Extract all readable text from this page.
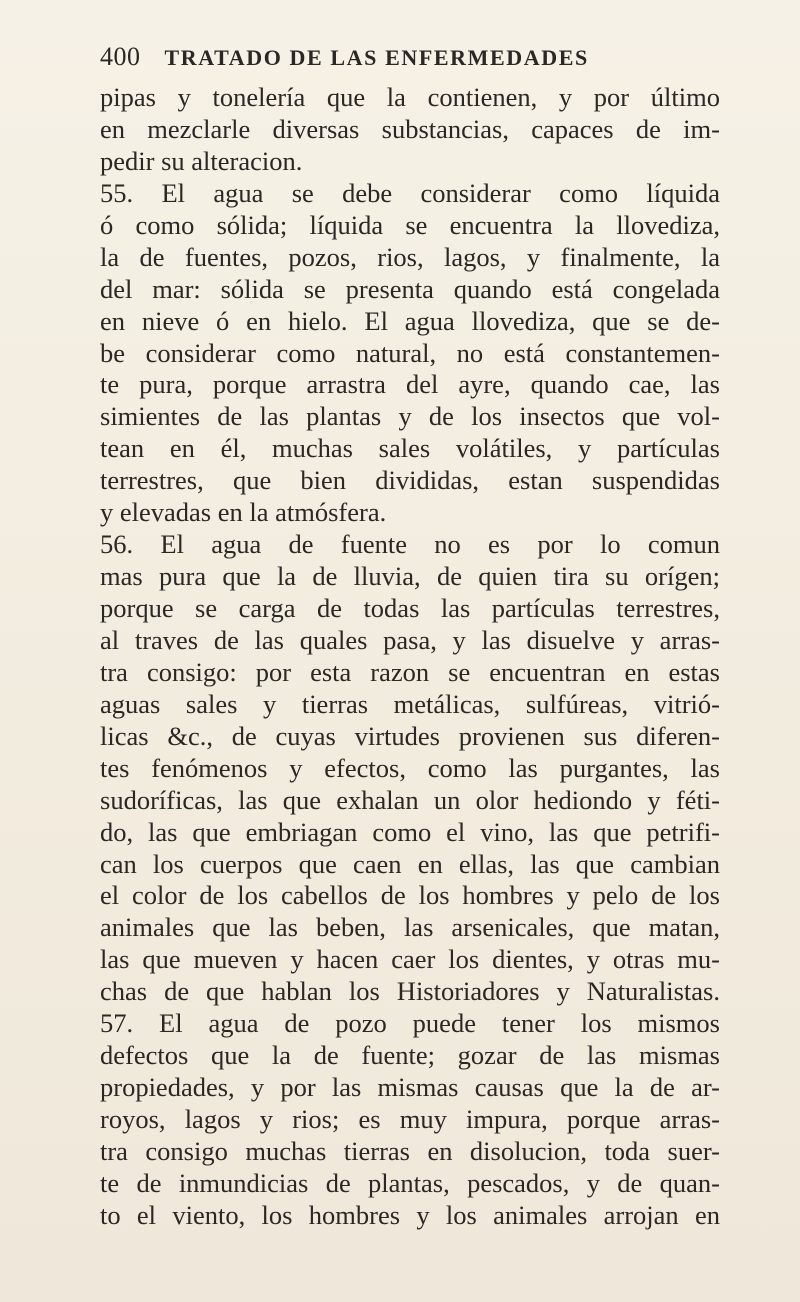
400 TRATADO DE LAS ENFERMEDADES
pipas y tonelería que la contienen, y por último
en mezclarle diversas substancias, capaces de im-
pedir su alteracion.
55. El agua se debe considerar como líquida
ó como sólida; líquida se encuentra la llovediza,
la de fuentes, pozos, rios, lagos, y finalmente, la
del mar: sólida se presenta quando está congelada
en nieve ó en hielo. El agua llovediza, que se de-
be considerar como natural, no está constantemen-
te pura, porque arrastra del ayre, quando cae, las
simientes de las plantas y de los insectos que vol-
tean en él, muchas sales volátiles, y partículas
terrestres, que bien divididas, estan suspendidas
y elevadas en la atmósfera.
56. El agua de fuente no es por lo comun
mas pura que la de lluvia, de quien tira su orígen;
porque se carga de todas las partículas terrestres,
al traves de las quales pasa, y las disuelve y arras-
tra consigo: por esta razon se encuentran en estas
aguas sales y tierras metálicas, sulfúreas, vitrió-
licas &c., de cuyas virtudes provienen sus diferen-
tes fenómenos y efectos, como las purgantes, las
sudoríficas, las que exhalan un olor hediondo y féti-
do, las que embriagan como el vino, las que petrifi-
can los cuerpos que caen en ellas, las que cambian
el color de los cabellos de los hombres y pelo de los
animales que las beben, las arsenicales, que matan,
las que mueven y hacen caer los dientes, y otras mu-
chas de que hablan los Historiadores y Naturalistas.
57. El agua de pozo puede tener los mismos
defectos que la de fuente; gozar de las mismas
propiedades, y por las mismas causas que la de ar-
royos, lagos y rios; es muy impura, porque arras-
tra consigo muchas tierras en disolucion, toda suer-
te de inmundicias de plantas, pescados, y de quan-
to el viento, los hombres y los animales arrojan en
